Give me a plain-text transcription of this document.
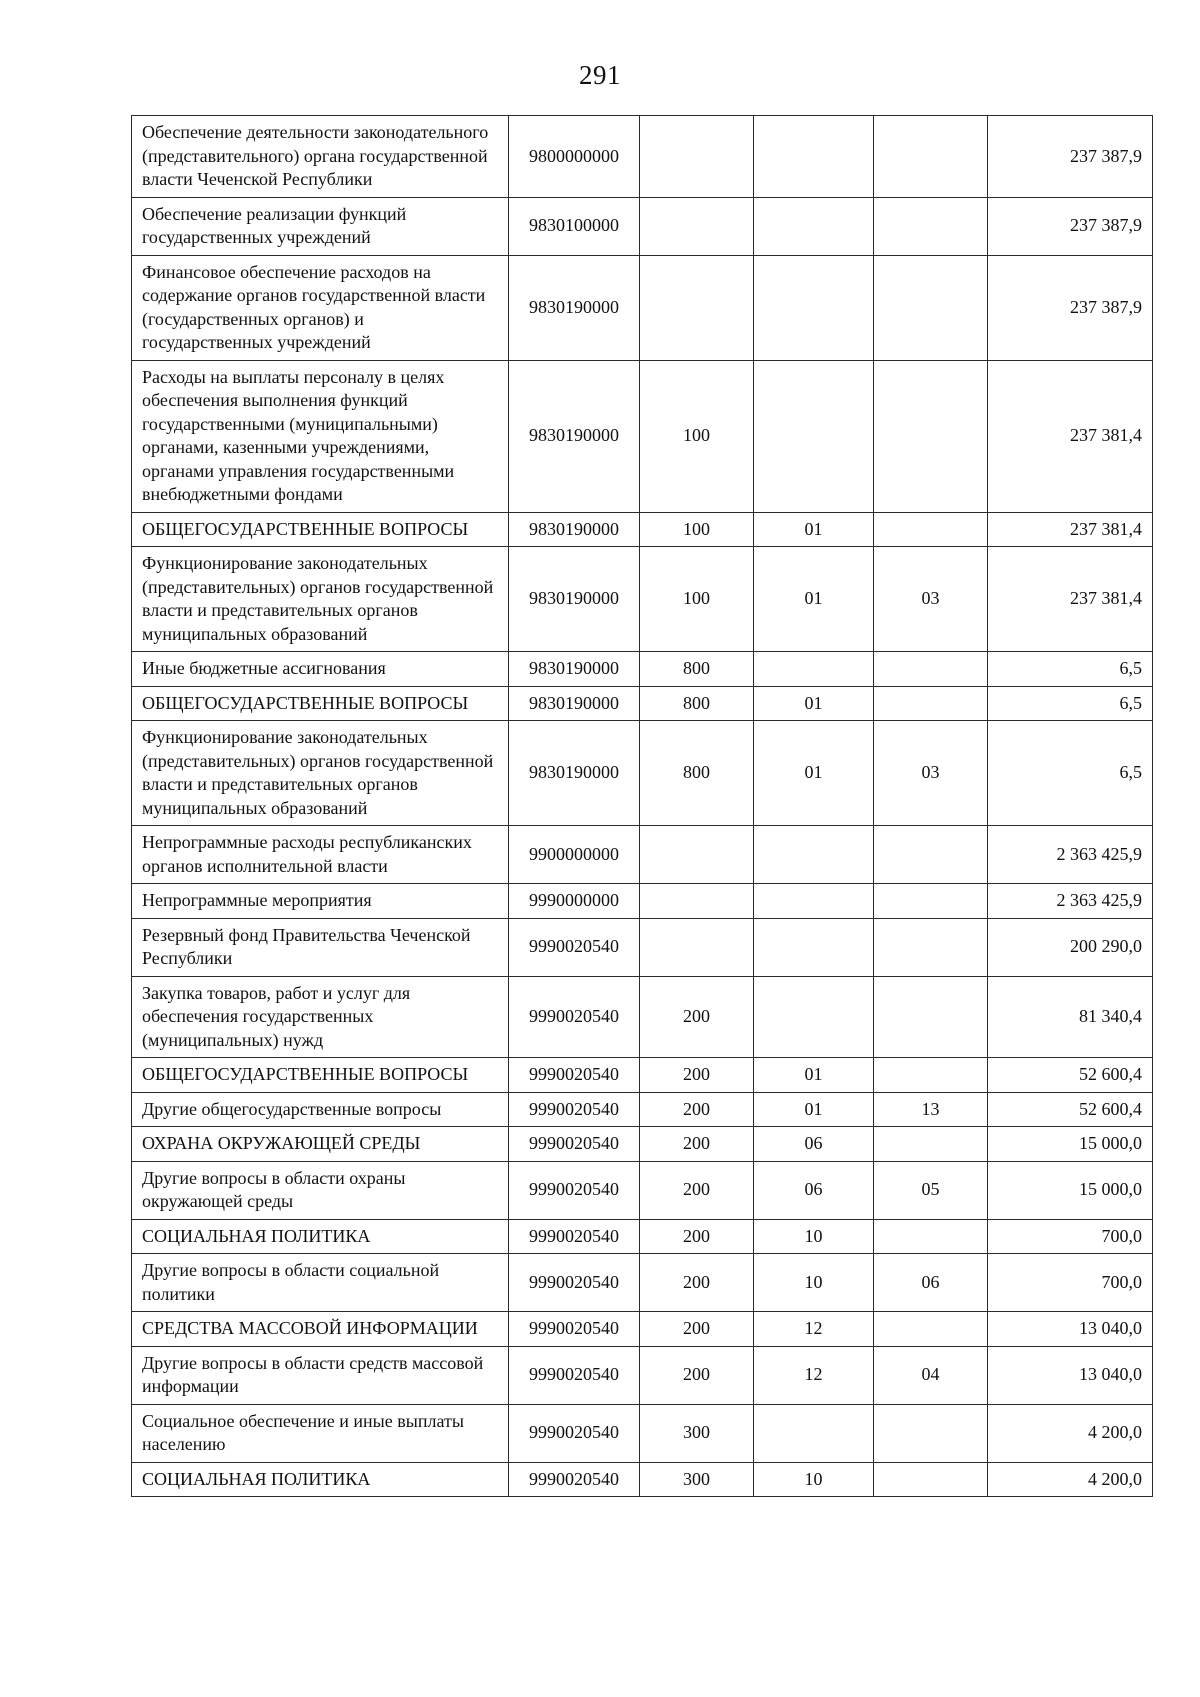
291
Обеспечение деятельности законодательного (представительного) органа государственной власти Чеченской Республики	9800000000				237 387,9
Обеспечение реализации функций государственных учреждений	9830100000				237 387,9
Финансовое обеспечение расходов на содержание органов государственной власти (государственных органов) и государственных учреждений	9830190000				237 387,9
Расходы на выплаты персоналу в целях обеспечения выполнения функций государственными (муниципальными) органами, казенными учреждениями, органами управления государственными внебюджетными фондами	9830190000	100			237 381,4
ОБЩЕГОСУДАРСТВЕННЫЕ ВОПРОСЫ	9830190000	100	01		237 381,4
Функционирование законодательных (представительных) органов государственной власти и представительных органов муниципальных образований	9830190000	100	01	03	237 381,4
Иные бюджетные ассигнования	9830190000	800			6,5
ОБЩЕГОСУДАРСТВЕННЫЕ ВОПРОСЫ	9830190000	800	01		6,5
Функционирование законодательных (представительных) органов государственной власти и представительных органов муниципальных образований	9830190000	800	01	03	6,5
Непрограммные расходы республиканских органов исполнительной власти	9900000000				2 363 425,9
Непрограммные мероприятия	9990000000				2 363 425,9
Резервный фонд Правительства Чеченской Республики	9990020540				200 290,0
Закупка товаров, работ и услуг для обеспечения государственных (муниципальных) нужд	9990020540	200			81 340,4
ОБЩЕГОСУДАРСТВЕННЫЕ ВОПРОСЫ	9990020540	200	01		52 600,4
Другие общегосударственные вопросы	9990020540	200	01	13	52 600,4
ОХРАНА ОКРУЖАЮЩЕЙ СРЕДЫ	9990020540	200	06		15 000,0
Другие вопросы в области охраны окружающей среды	9990020540	200	06	05	15 000,0
СОЦИАЛЬНАЯ ПОЛИТИКА	9990020540	200	10		700,0
Другие вопросы в области социальной политики	9990020540	200	10	06	700,0
СРЕДСТВА МАССОВОЙ ИНФОРМАЦИИ	9990020540	200	12		13 040,0
Другие вопросы в области средств массовой информации	9990020540	200	12	04	13 040,0
Социальное обеспечение и иные выплаты населению	9990020540	300			4 200,0
СОЦИАЛЬНАЯ ПОЛИТИКА	9990020540	300	10		4 200,0
